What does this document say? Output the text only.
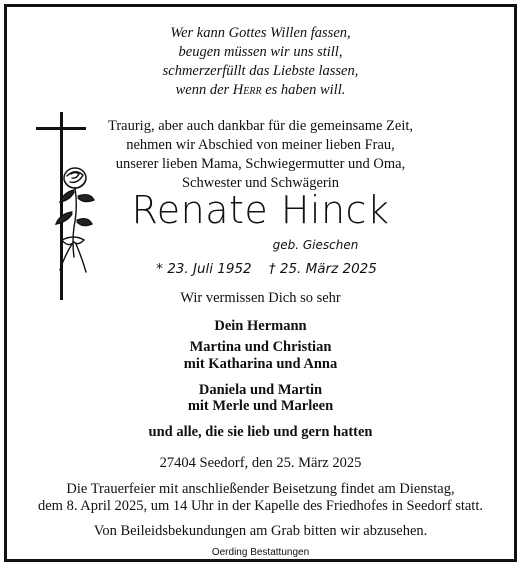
Wer kann Gottes Willen fassen,
beugen müssen wir uns still,
schmerzerfüllt das Liebste lassen,
wenn der Herr es haben will.
Traurig, aber auch dankbar für die gemeinsame Zeit,
nehmen wir Abschied von meiner lieben Frau,
unserer lieben Mama, Schwiegermutter und Oma,
Schwester und Schwägerin
Renate Hinck
geb. Gieschen
* 23. Juli 1952 † 25. März 2025
Wir vermissen Dich so sehr
Dein Hermann
Martina und Christian
mit Katharina und Anna
Daniela und Martin
mit Merle und Marleen
und alle, die sie lieb und gern hatten
27404 Seedorf, den 25. März 2025
Die Trauerfeier mit anschließender Beisetzung findet am Dienstag,
dem 8. April 2025, um 14 Uhr in der Kapelle des Friedhofes in Seedorf statt.
Von Beileidsbekundungen am Grab bitten wir abzusehen.
Oerding Bestattungen
